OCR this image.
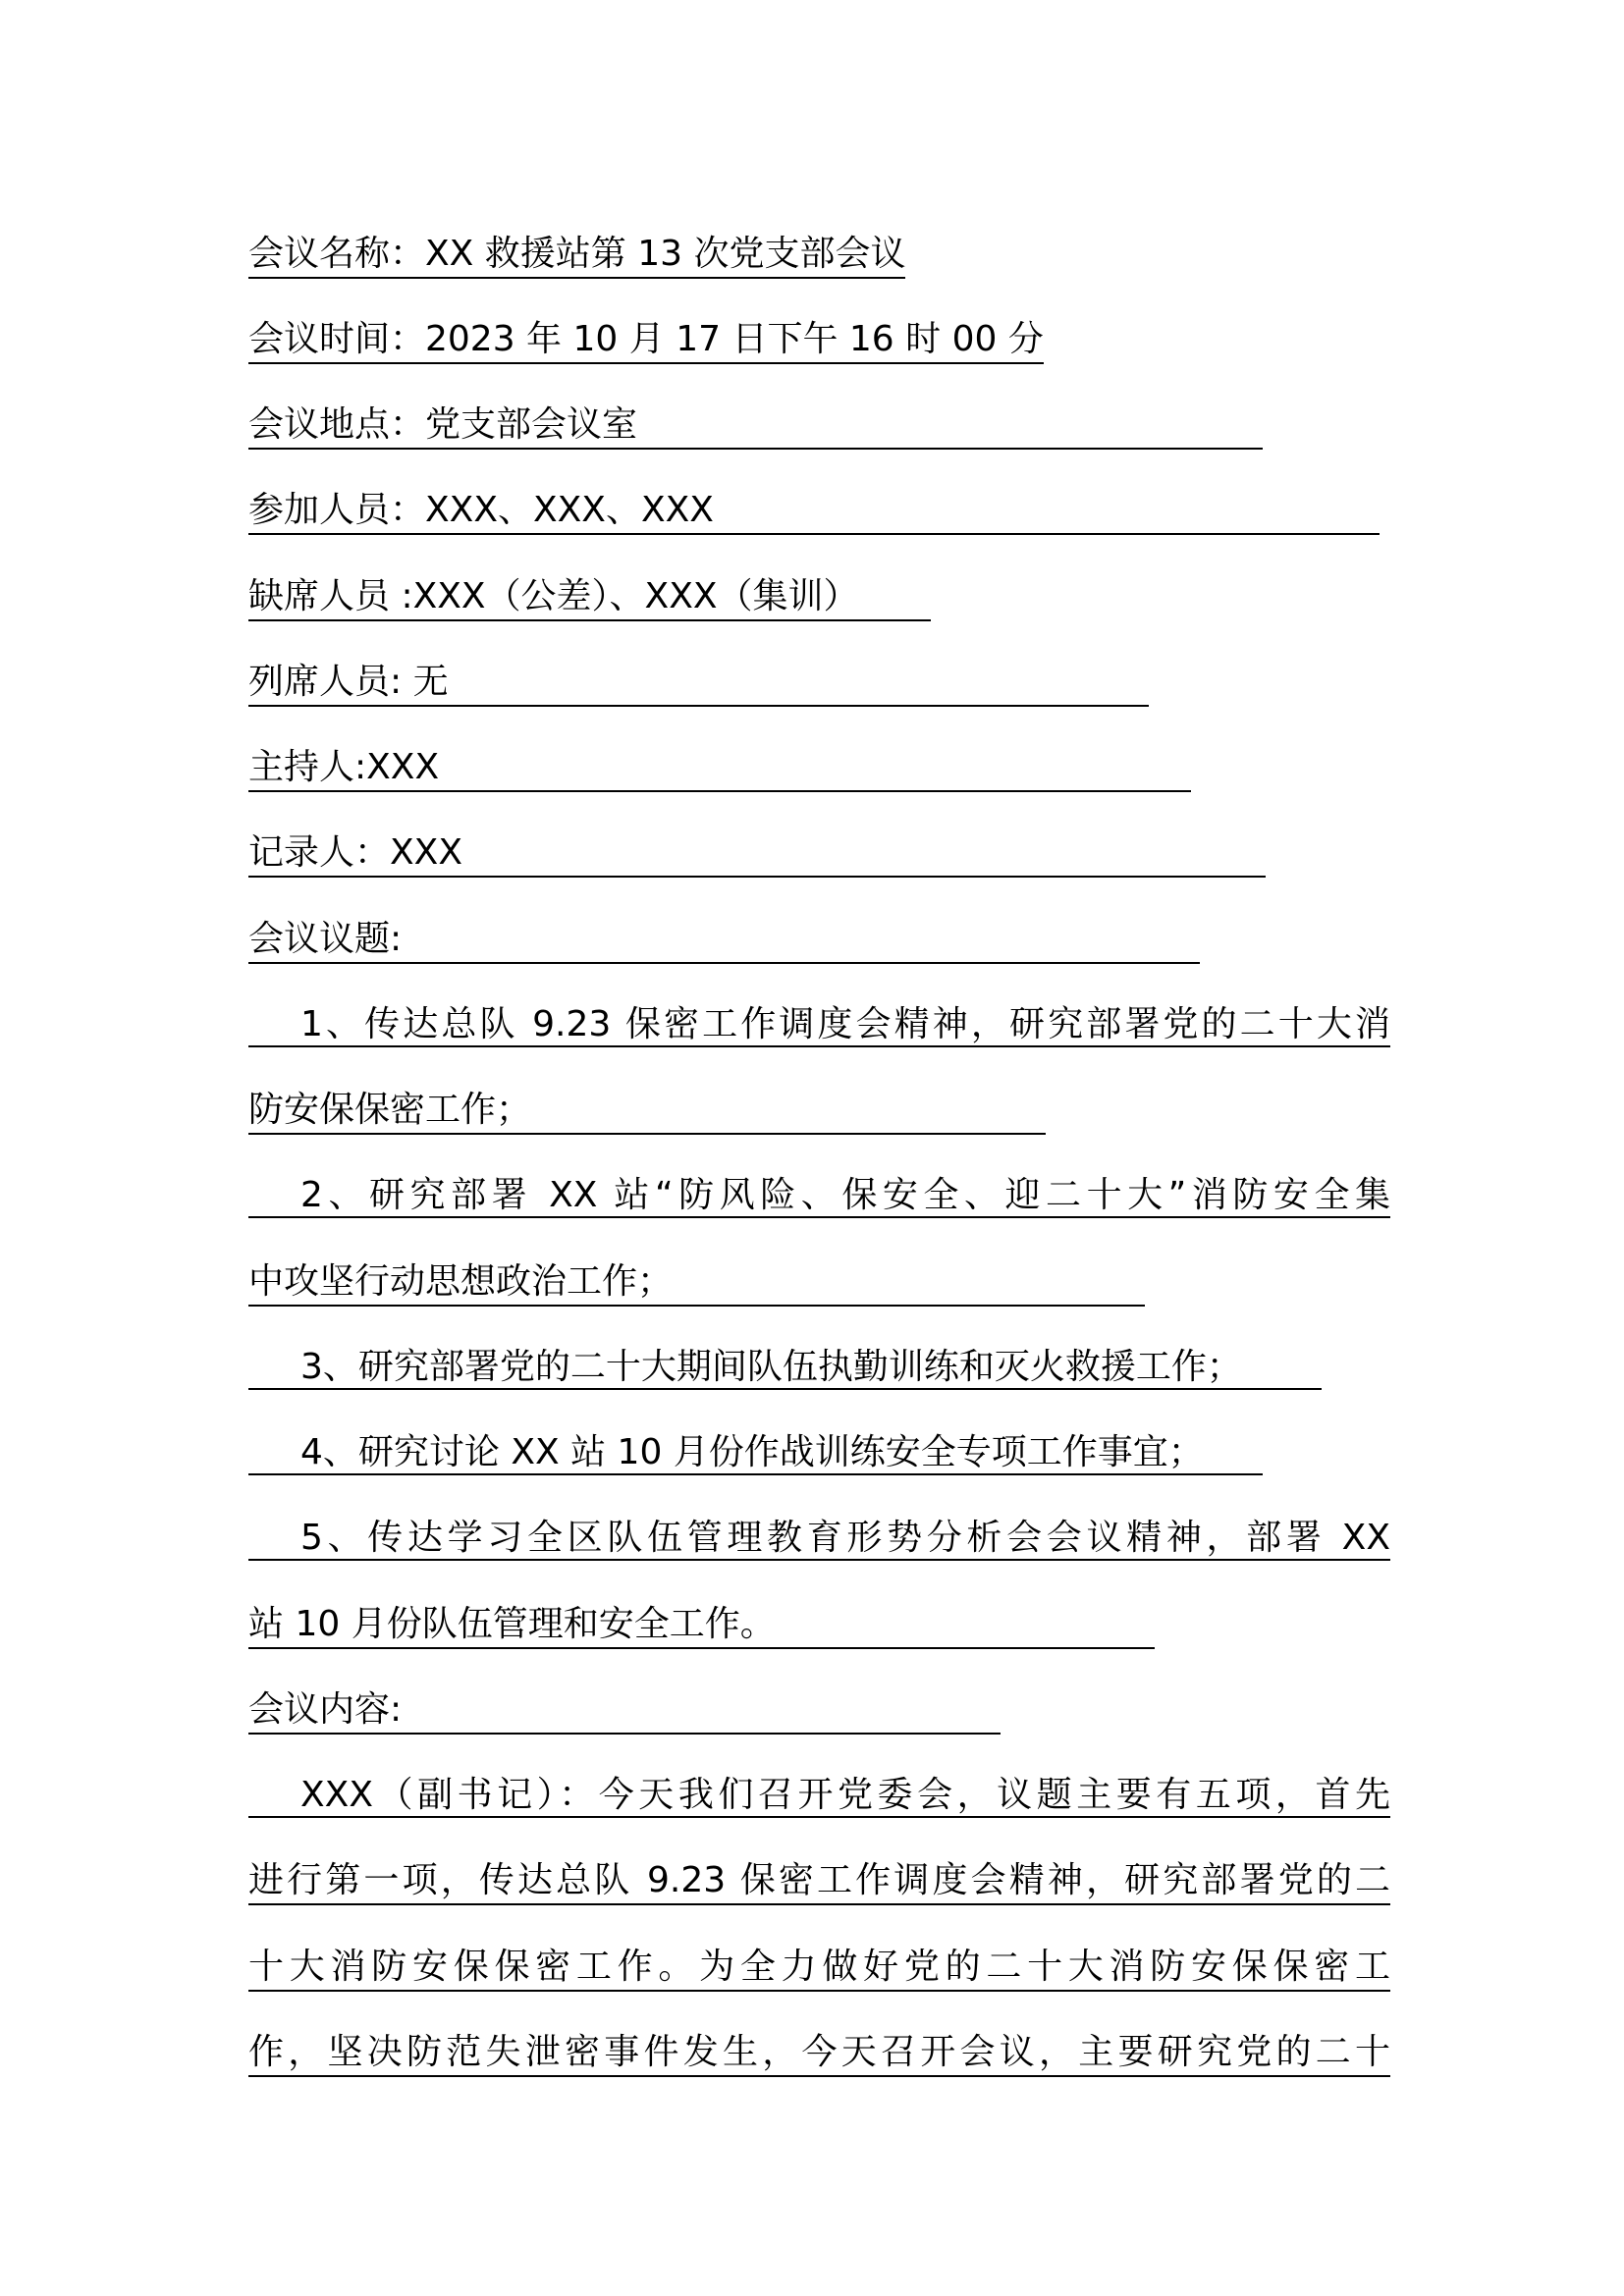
会议名称：XX 救援站第 13 次党支部会议
会议时间：2023 年 10 月 17 日下午 16 时 00 分
会议地点：党支部会议室
参加人员：XXX、XXX、XXX
缺席人员 :XXX（公差）、XXX（集训）
列席人员: 无
主持人:XXX
记录人：XXX
会议议题:
1、传达总队 9.23 保密工作调度会精神，研究部署党的二十大消
防安保保密工作；
2、研究部署 XX 站“防风险、保安全、迎二十大”消防安全集
中攻坚行动思想政治工作；
3、研究部署党的二十大期间队伍执勤训练和灭火救援工作；
4、研究讨论 XX 站 10 月份作战训练安全专项工作事宜；
5、传达学习全区队伍管理教育形势分析会会议精神，部署 XX
站 10 月份队伍管理和安全工作。
会议内容:
XXX（副书记）：今天我们召开党委会，议题主要有五项，首先
进行第一项，传达总队 9.23 保密工作调度会精神，研究部署党的二
十大消防安保保密工作。为全力做好党的二十大消防安保保密工
作，坚决防范失泄密事件发生，今天召开会议，主要研究党的二十
